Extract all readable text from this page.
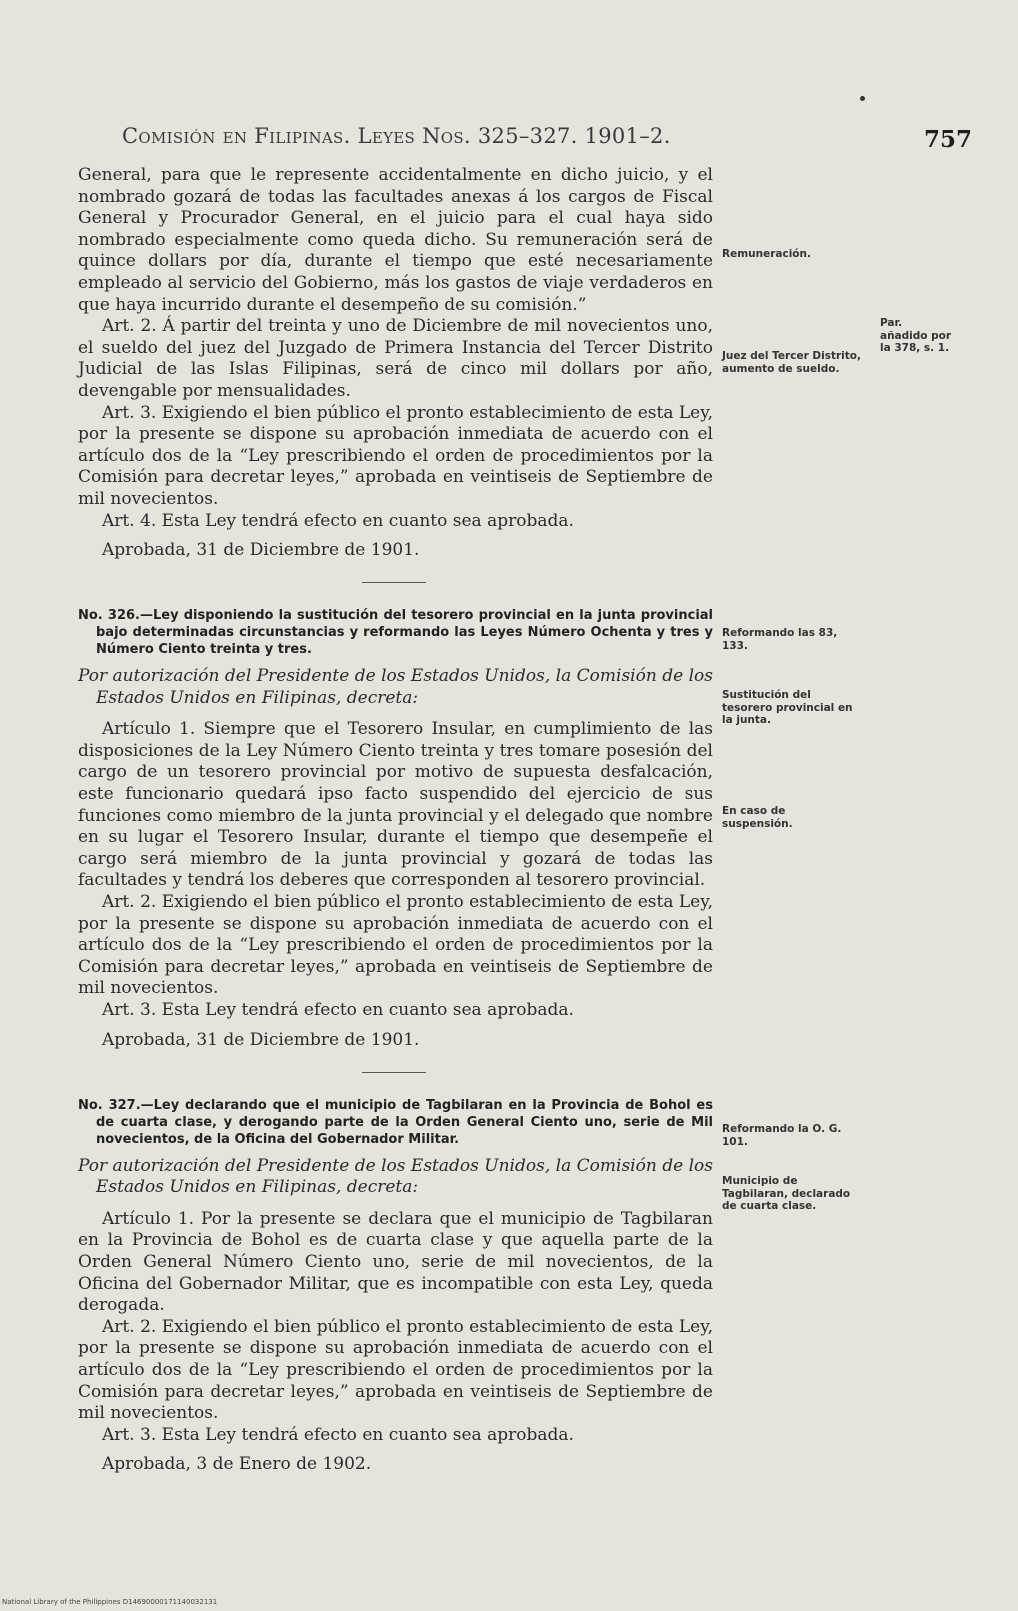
Comisión en Filipinas. Leyes Nos. 325–327. 1901–2.	757

General, para que le represente accidentalmente en dicho juicio, y el nombrado gozará de todas las facultades anexas á los cargos de Fiscal General y Procurador General, en el juicio para el cual haya sido nombrado especialmente como queda dicho. Su remuneración será de quince dollars por día, durante el tiempo que esté necesariamente empleado al servicio del Gobierno, más los gastos de viaje verdaderos en que haya incurrido durante el desempeño de su comisión.”

Art. 2. Á partir del treinta y uno de Diciembre de mil novecientos uno, el sueldo del juez del Juzgado de Primera Instancia del Tercer Distrito Judicial de las Islas Filipinas, será de cinco mil dollars por año, devengable por mensualidades.

Art. 3. Exigiendo el bien público el pronto establecimiento de esta Ley, por la presente se dispone su aprobación inmediata de acuerdo con el artículo dos de la “Ley prescribiendo el orden de procedimientos por la Comisión para decretar leyes,” aprobada en veintiseis de Septiembre de mil novecientos.

Art. 4. Esta Ley tendrá efecto en cuanto sea aprobada.

Aprobada, 31 de Diciembre de 1901.

No. 326.—Ley disponiendo la sustitución del tesorero provincial en la junta provincial bajo determinadas circunstancias y reformando las Leyes Número Ochenta y tres y Número Ciento treinta y tres.

Por autorización del Presidente de los Estados Unidos, la Comisión de los Estados Unidos en Filipinas, decreta:

Artículo 1. Siempre que el Tesorero Insular, en cumplimiento de las disposiciones de la Ley Número Ciento treinta y tres tomare posesión del cargo de un tesorero provincial por motivo de supuesta desfalcación, este funcionario quedará ipso facto suspendido del ejercicio de sus funciones como miembro de la junta provincial y el delegado que nombre en su lugar el Tesorero Insular, durante el tiempo que desempeñe el cargo será miembro de la junta provincial y gozará de todas las facultades y tendrá los deberes que corresponden al tesorero provincial.

Art. 2. Exigiendo el bien público el pronto establecimiento de esta Ley, por la presente se dispone su aprobación inmediata de acuerdo con el artículo dos de la “Ley prescribiendo el orden de procedimientos por la Comisión para decretar leyes,” aprobada en veintiseis de Septiembre de mil novecientos.

Art. 3. Esta Ley tendrá efecto en cuanto sea aprobada.

Aprobada, 31 de Diciembre de 1901.

No. 327.—Ley declarando que el municipio de Tagbilaran en la Provincia de Bohol es de cuarta clase, y derogando parte de la Orden General Ciento uno, serie de Mil novecientos, de la Oficina del Gobernador Militar.

Por autorización del Presidente de los Estados Unidos, la Comisión de los Estados Unidos en Filipinas, decreta:

Artículo 1. Por la presente se declara que el municipio de Tagbilaran en la Provincia de Bohol es de cuarta clase y que aquella parte de la Orden General Número Ciento uno, serie de mil novecientos, de la Oficina del Gobernador Militar, que es incompatible con esta Ley, queda derogada.

Art. 2. Exigiendo el bien público el pronto establecimiento de esta Ley, por la presente se dispone su aprobación inmediata de acuerdo con el artículo dos de la “Ley prescribiendo el orden de procedimientos por la Comisión para decretar leyes,” aprobada en veintiseis de Septiembre de mil novecientos.

Art. 3. Esta Ley tendrá efecto en cuanto sea aprobada.

Aprobada, 3 de Enero de 1902.
Remuneración.
Par. añadido por la 378, s. 1.
Juez del Tercer Distrito, aumento de sueldo.
Reformando las 83, 133.
Sustitución del tesorero provincial en la junta.
En caso de suspensión.
Reformando la O. G. 101.
Municipio de Tagbilaran, declarado de cuarta clase.
National Library of the Philippines D14690000171140032131
